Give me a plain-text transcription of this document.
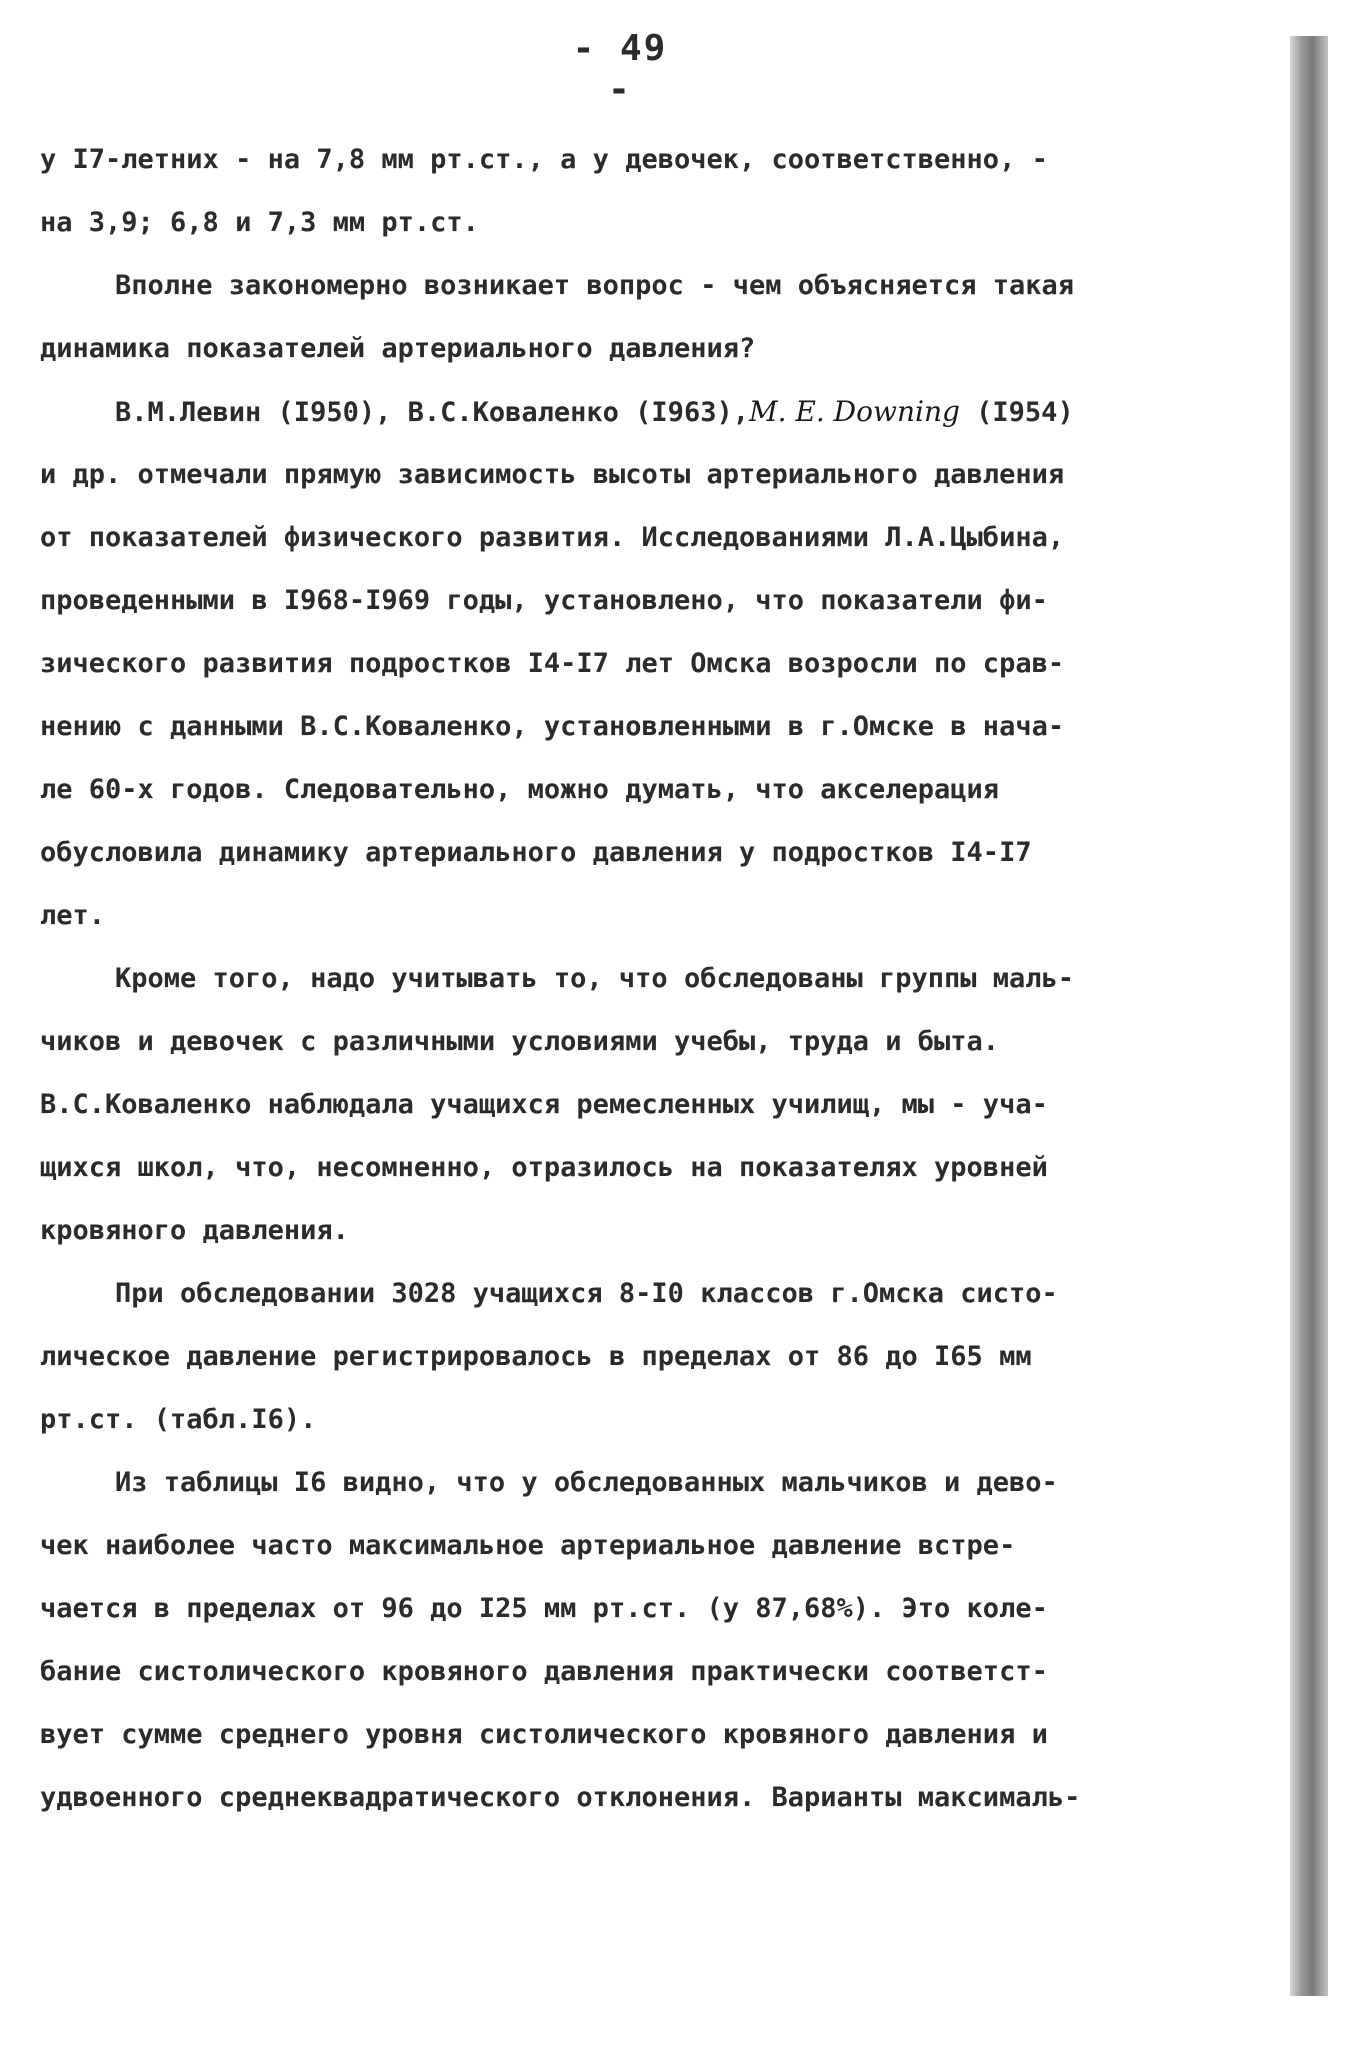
- 49 -
у I7-летних - на 7,8 мм рт.ст., а у девочек, соответственно, -
на 3,9; 6,8 и 7,3 мм рт.ст.
Вполне закономерно возникает вопрос - чем объясняется такая
динамика показателей артериального давления?
В.М.Левин (I950), В.С.Коваленко (I963),M. E. Downing (I954)
и др. отмечали прямую зависимость высоты артериального давления
от показателей физического развития. Исследованиями Л.А.Цыбина,
проведенными в I968-I969 годы, установлено, что показатели фи-
зического развития подростков I4-I7 лет Омска возросли по срав-
нению с данными В.С.Коваленко, установленными в г.Омске в нача-
ле 60-х годов. Следовательно, можно думать, что акселерация
обусловила динамику артериального давления у подростков I4-I7
лет.
Кроме того, надо учитывать то, что обследованы группы маль-
чиков и девочек с различными условиями учебы, труда и быта.
В.С.Коваленко наблюдала учащихся ремесленных училищ, мы - уча-
щихся школ, что, несомненно, отразилось на показателях уровней
кровяного давления.
При обследовании 3028 учащихся 8-I0 классов г.Омска систо-
лическое давление регистрировалось в пределах от 86 до I65 мм
рт.ст. (табл.I6).
Из таблицы I6 видно, что у обследованных мальчиков и дево-
чек наиболее часто максимальное артериальное давление встре-
чается в пределах от 96 до I25 мм рт.ст. (у 87,68%). Это коле-
бание систолического кровяного давления практически соответст-
вует сумме среднего уровня систолического кровяного давления и
удвоенного среднеквадратического отклонения. Варианты максималь-
